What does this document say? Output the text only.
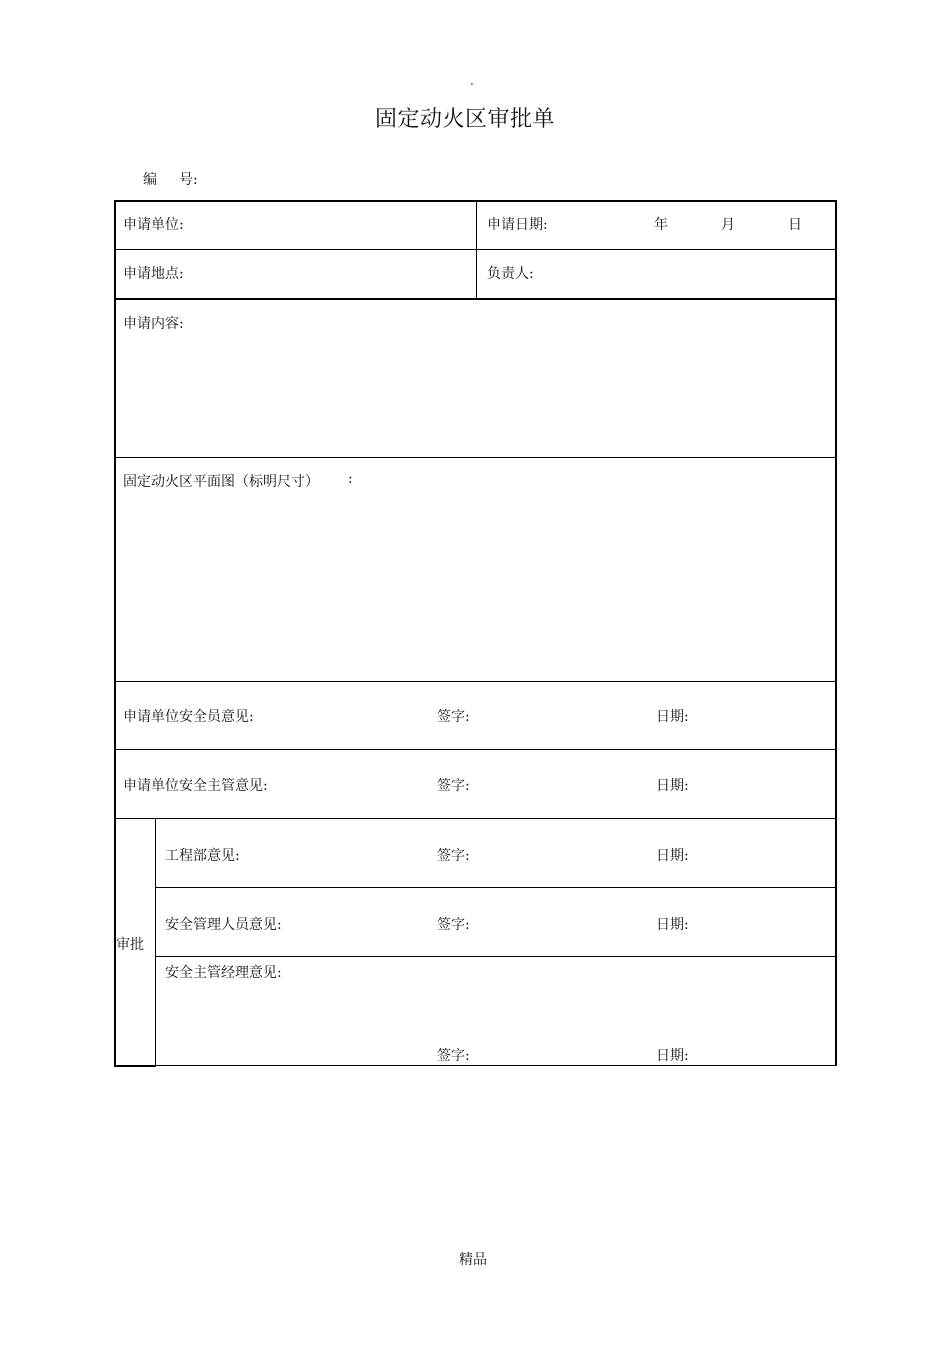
.
固定动火区审批单
编 号:
申请单位:	申请日期:	年	月	日
申请地点:	负责人:
申请内容:
固定动火区平面图（标明尺寸） :
申请单位安全员意见:	签字:	日期:
申请单位安全主管意见:	签字:	日期:
审批
工程部意见:	签字:	日期:
安全管理人员意见:	签字:	日期:
安全主管经理意见:
签字:	日期:
精品
